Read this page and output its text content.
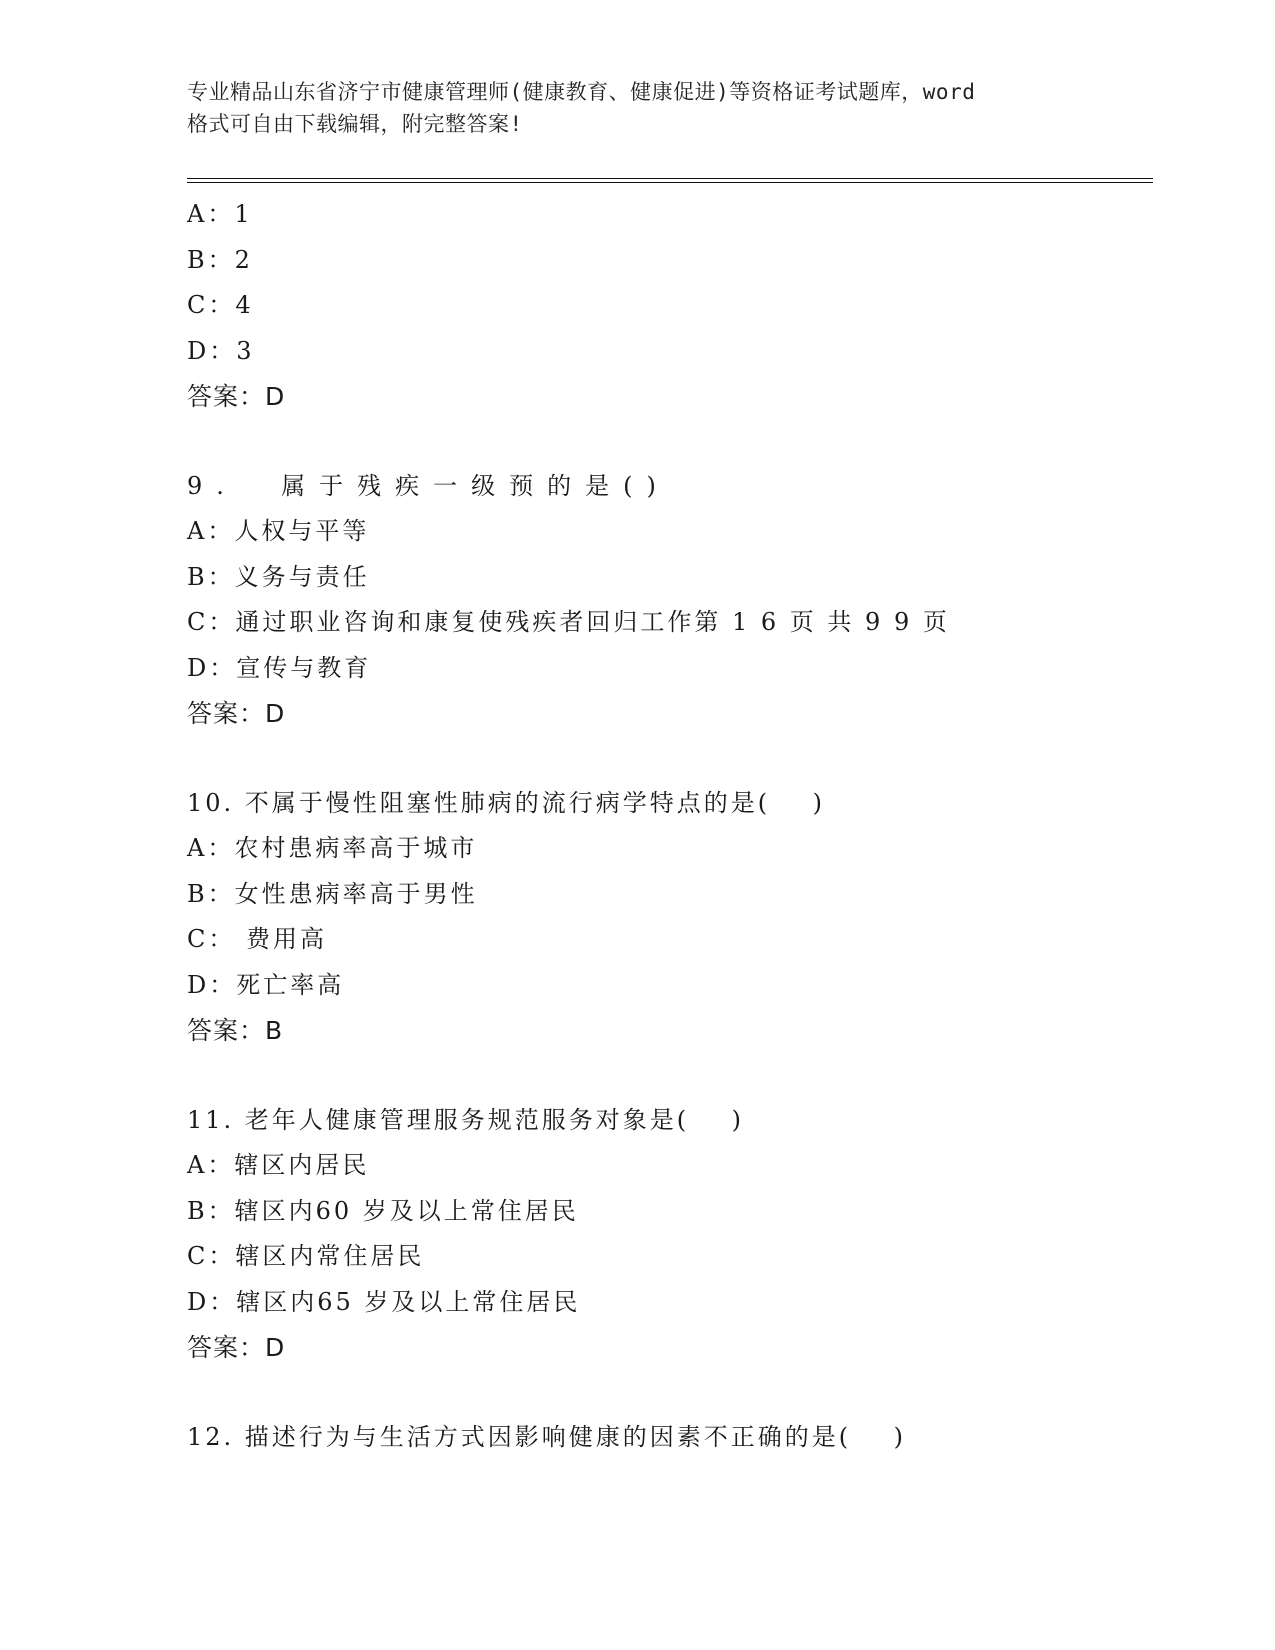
专业精品山东省济宁市健康管理师(健康教育、健康促进)等资格证考试题库，word
格式可自由下载编辑，附完整答案!
A：1
B：2
C：4
D：3
答案：D
9.  属于残疾一级预的是()
A：人权与平等
B：义务与责任
C：通过职业咨询和康复使残疾者回归工作第 1 6 页 共 9 9 页
D：宣传与教育
答案：D
10. 不属于慢性阻塞性肺病的流行病学特点的是(    )
A：农村患病率高于城市
B：女性患病率高于男性
C： 费用高
D：死亡率高
答案：B
11. 老年人健康管理服务规范服务对象是(    )
A：辖区内居民
B：辖区内60 岁及以上常住居民
C：辖区内常住居民
D：辖区内65 岁及以上常住居民
答案：D
12. 描述行为与生活方式因影响健康的因素不正确的是(    )
